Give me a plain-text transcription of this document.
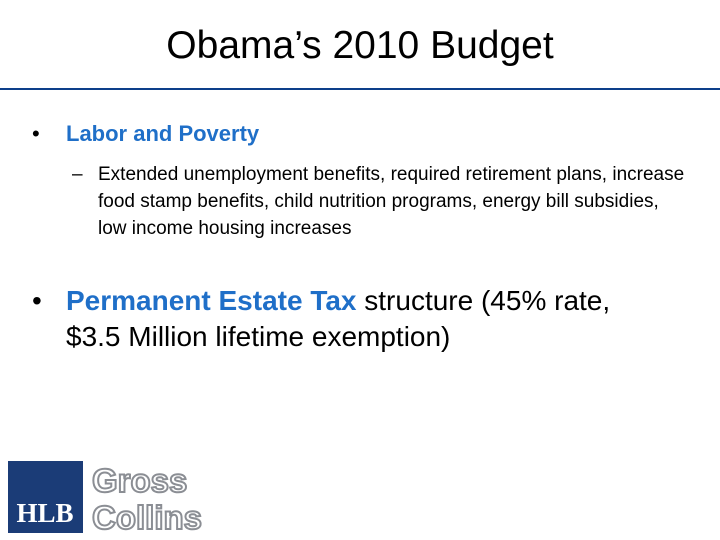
Obama’s 2010 Budget
• Labor and Poverty
– Extended unemployment benefits, required retirement plans, increase food stamp benefits, child nutrition programs, energy bill subsidies, low income housing increases
• Permanent Estate Tax structure (45% rate, $3.5 Million lifetime exemption)
HLB
Gross
Collins
